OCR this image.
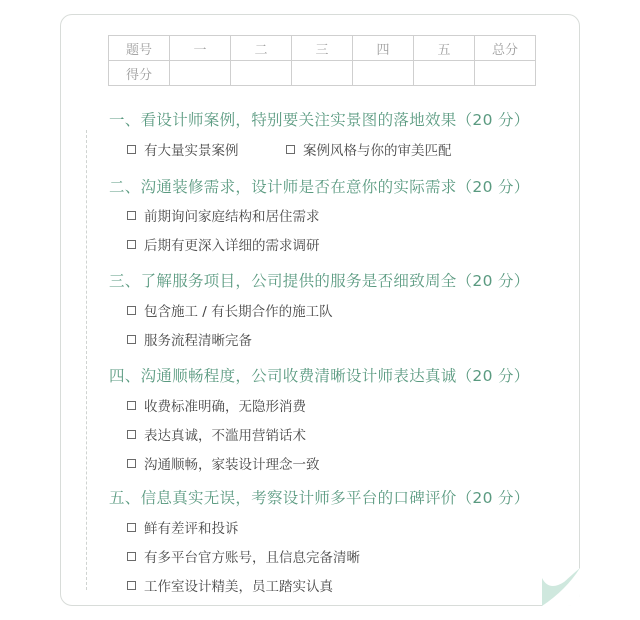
题号	一	二	三	四	五	总分
得分						
一、看设计师案例，特别要关注实景图的落地效果（20 分）
有大量实景案例	案例风格与你的审美匹配
二、沟通装修需求，设计师是否在意你的实际需求（20 分）
前期询问家庭结构和居住需求
后期有更深入详细的需求调研
三、了解服务项目，公司提供的服务是否细致周全（20 分）
包含施工 / 有长期合作的施工队
服务流程清晰完备
四、沟通顺畅程度，公司收费清晰设计师表达真诚（20 分）
收费标准明确，无隐形消费
表达真诚，不滥用营销话术
沟通顺畅，家装设计理念一致
五、信息真实无误，考察设计师多平台的口碑评价（20 分）
鲜有差评和投诉
有多平台官方账号，且信息完备清晰
工作室设计精美，员工踏实认真
